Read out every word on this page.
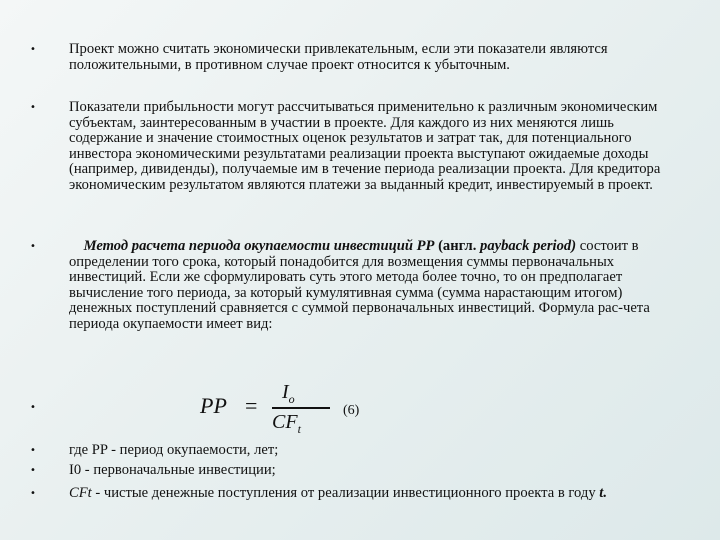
• Проект можно считать экономически привлекательным, если эти показатели являются положительными, в противном случае проект относится к убыточным.
• Показатели прибыльности могут рассчитываться применительно к различным экономическим субъектам, заинтересованным в участии в проекте. Для каждого из них меняются лишь содержание и значение стоимостных оценок результатов и затрат так, для потенциального инвестора экономическими результатами реализации проекта выступают ожидаемые доходы (например, дивиденды), получаемые им в течение периода реализации проекта. Для кредитора экономическим результатом являются платежи за выданный кредит, инвестируемый в проект.
•	Метод расчета периода окупаемости инвестиций PP (англ. payback period) состоит в определении того срока, который понадобится для возмещения суммы первоначальных инвестиций. Если же сформулировать суть этого метода более точно, то он предполагает вычисление того периода, за который кумулятивная сумма (сумма нарастающим итогом) денежных поступлений сравняется с суммой первоначальных инвестиций. Формула рас-чета периода окупаемости имеет вид:
•
• где PP - период окупаемости, лет;
• I0 - первоначальные инвестиции;
• CFt - чистые денежные поступления от реализации инвестиционного проекта в году t.
PP =
$I_o$
$CF_t$
(6)
